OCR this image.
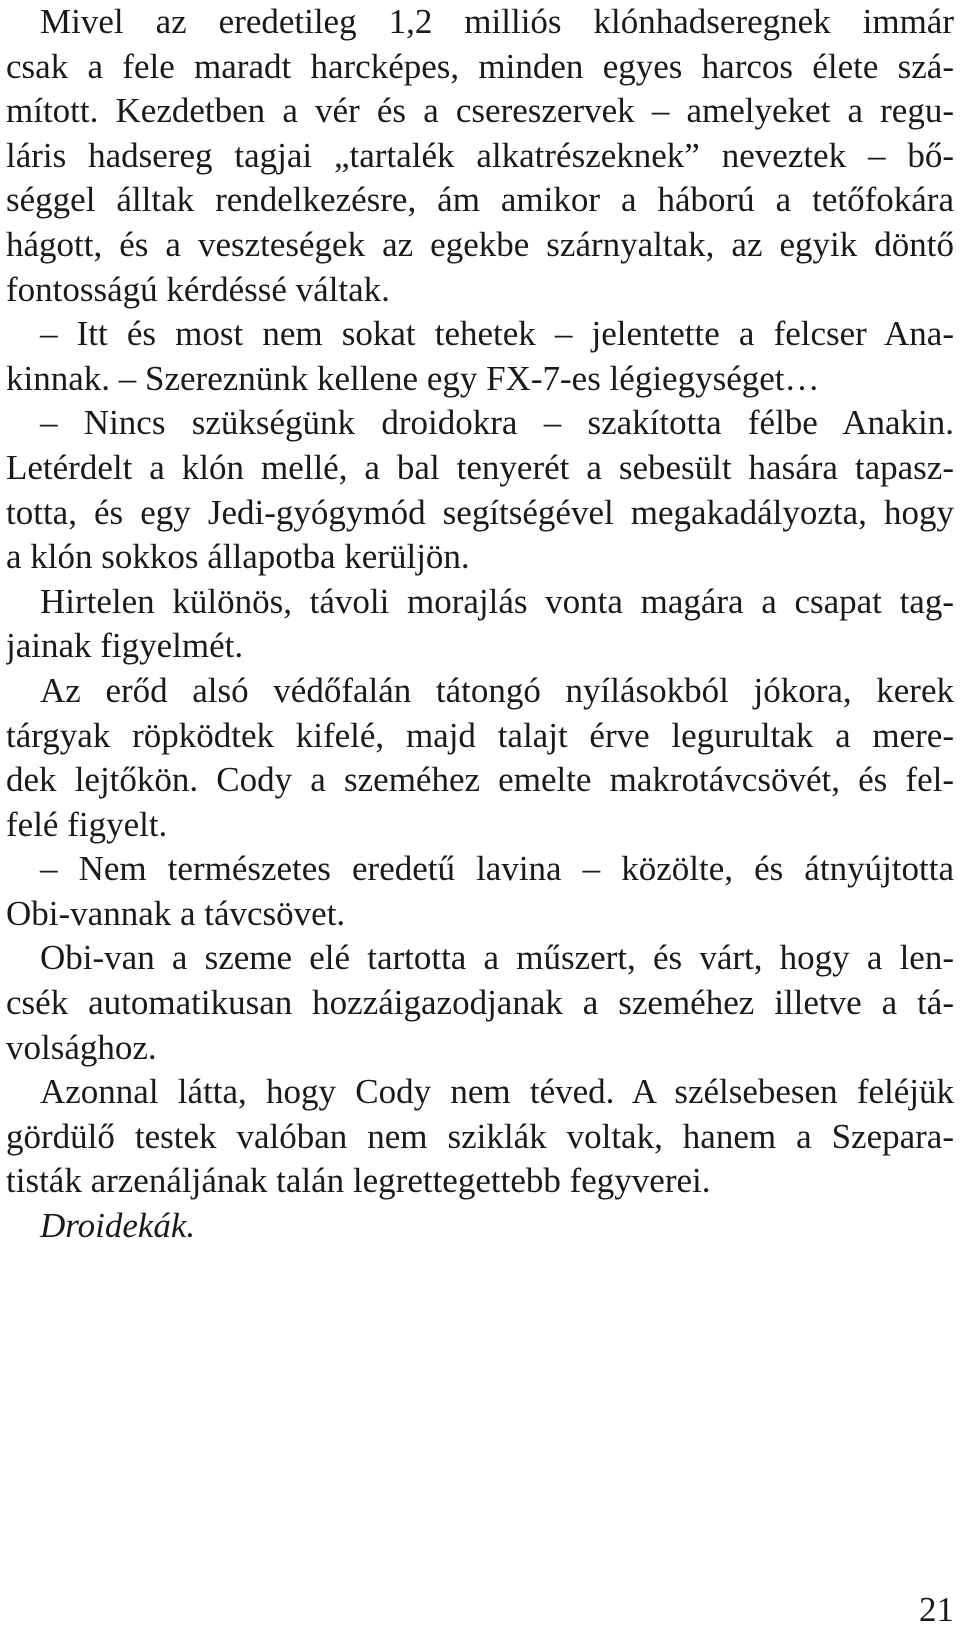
Mivel az eredetileg 1,2 milliós klónhadseregnek immár
csak a fele maradt harcképes, minden egyes harcos élete szá-
mított. Kezdetben a vér és a csereszervek – amelyeket a regu-
láris hadsereg tagjai „tartalék alkatrészeknek” neveztek – bő-
séggel álltak rendelkezésre, ám amikor a háború a tetőfokára
hágott, és a veszteségek az egekbe szárnyaltak, az egyik döntő
fontosságú kérdéssé váltak.
– Itt és most nem sokat tehetek – jelentette a felcser Ana-
kinnak. – Szereznünk kellene egy FX-7-es légiegységet…
– Nincs szükségünk droidokra – szakította félbe Anakin.
Letérdelt a klón mellé, a bal tenyerét a sebesült hasára tapasz-
totta, és egy Jedi-gyógymód segítségével megakadályozta, hogy
a klón sokkos állapotba kerüljön.
Hirtelen különös, távoli morajlás vonta magára a csapat tag-
jainak figyelmét.
Az erőd alsó védőfalán tátongó nyílásokból jókora, kerek
tárgyak röpködtek kifelé, majd talajt érve legurultak a mere-
dek lejtőkön. Cody a szeméhez emelte makrotávcsövét, és fel-
felé figyelt.
– Nem természetes eredetű lavina – közölte, és átnyújtotta
Obi-vannak a távcsövet.
Obi-van a szeme elé tartotta a műszert, és várt, hogy a len-
csék automatikusan hozzáigazodjanak a szeméhez illetve a tá-
volsághoz.
Azonnal látta, hogy Cody nem téved. A szélsebesen feléjük
gördülő testek valóban nem sziklák voltak, hanem a Szepara-
tisták arzenáljának talán legrettegettebb fegyverei.
Droidekák.
21
